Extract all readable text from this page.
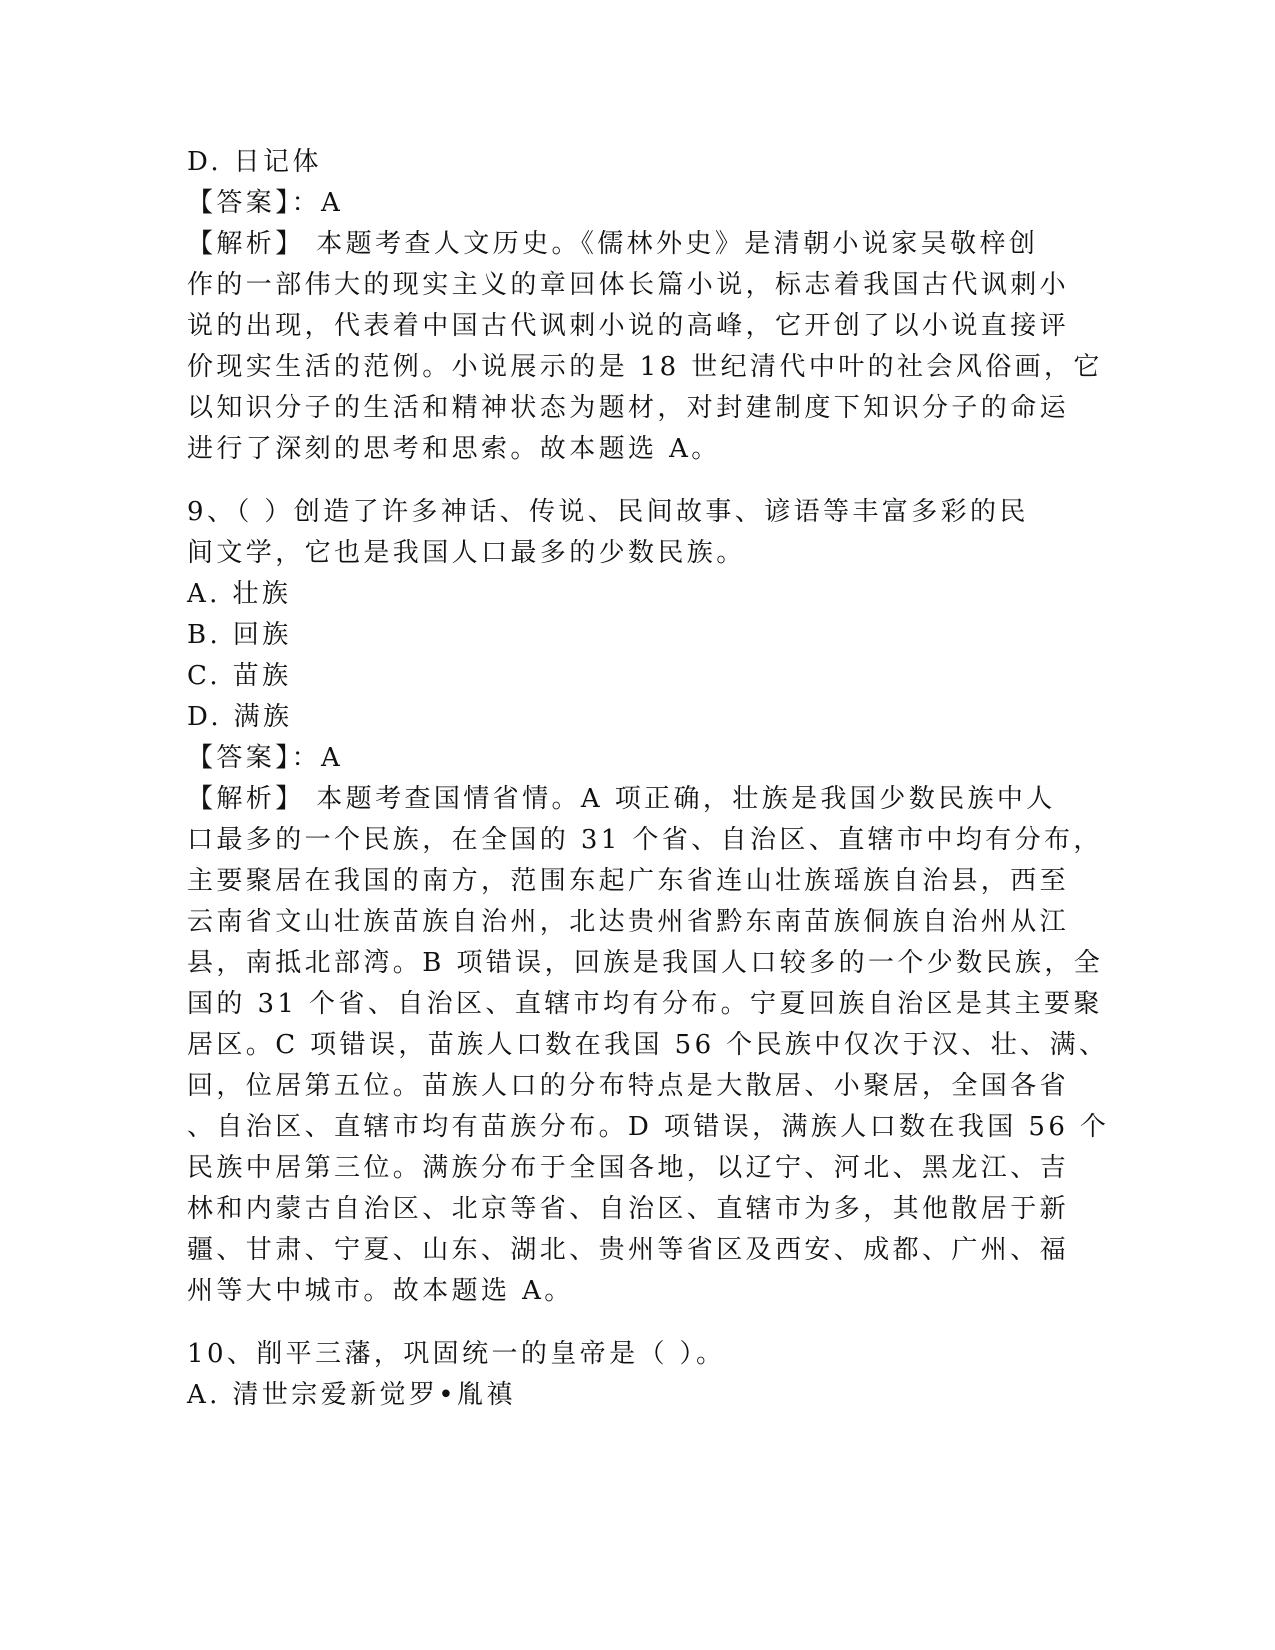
D. 日记体
【答案】：A
【解析】 本题考查人文历史。《儒林外史》是清朝小说家吴敬梓创
作的一部伟大的现实主义的章回体长篇小说，标志着我国古代讽刺小
说的出现，代表着中国古代讽刺小说的高峰，它开创了以小说直接评
价现实生活的范例。小说展示的是 18 世纪清代中叶的社会风俗画，它
以知识分子的生活和精神状态为题材，对封建制度下知识分子的命运
进行了深刻的思考和思索。故本题选 A。
9、（ ）创造了许多神话、传说、民间故事、谚语等丰富多彩的民
间文学，它也是我国人口最多的少数民族。
A. 壮族
B. 回族
C. 苗族
D. 满族
【答案】：A
【解析】 本题考查国情省情。A 项正确，壮族是我国少数民族中人
口最多的一个民族，在全国的 31 个省、自治区、直辖市中均有分布，
主要聚居在我国的南方，范围东起广东省连山壮族瑶族自治县，西至
云南省文山壮族苗族自治州，北达贵州省黔东南苗族侗族自治州从江
县，南抵北部湾。B 项错误，回族是我国人口较多的一个少数民族，全
国的 31 个省、自治区、直辖市均有分布。宁夏回族自治区是其主要聚
居区。C 项错误，苗族人口数在我国 56 个民族中仅次于汉、壮、满、
回，位居第五位。苗族人口的分布特点是大散居、小聚居，全国各省
、自治区、直辖市均有苗族分布。D 项错误，满族人口数在我国 56 个
民族中居第三位。满族分布于全国各地，以辽宁、河北、黑龙江、吉
林和内蒙古自治区、北京等省、自治区、直辖市为多，其他散居于新
疆、甘肃、宁夏、山东、湖北、贵州等省区及西安、成都、广州、福
州等大中城市。故本题选 A。
10、削平三藩，巩固统一的皇帝是（ ）。
A. 清世宗爱新觉罗•胤禛
